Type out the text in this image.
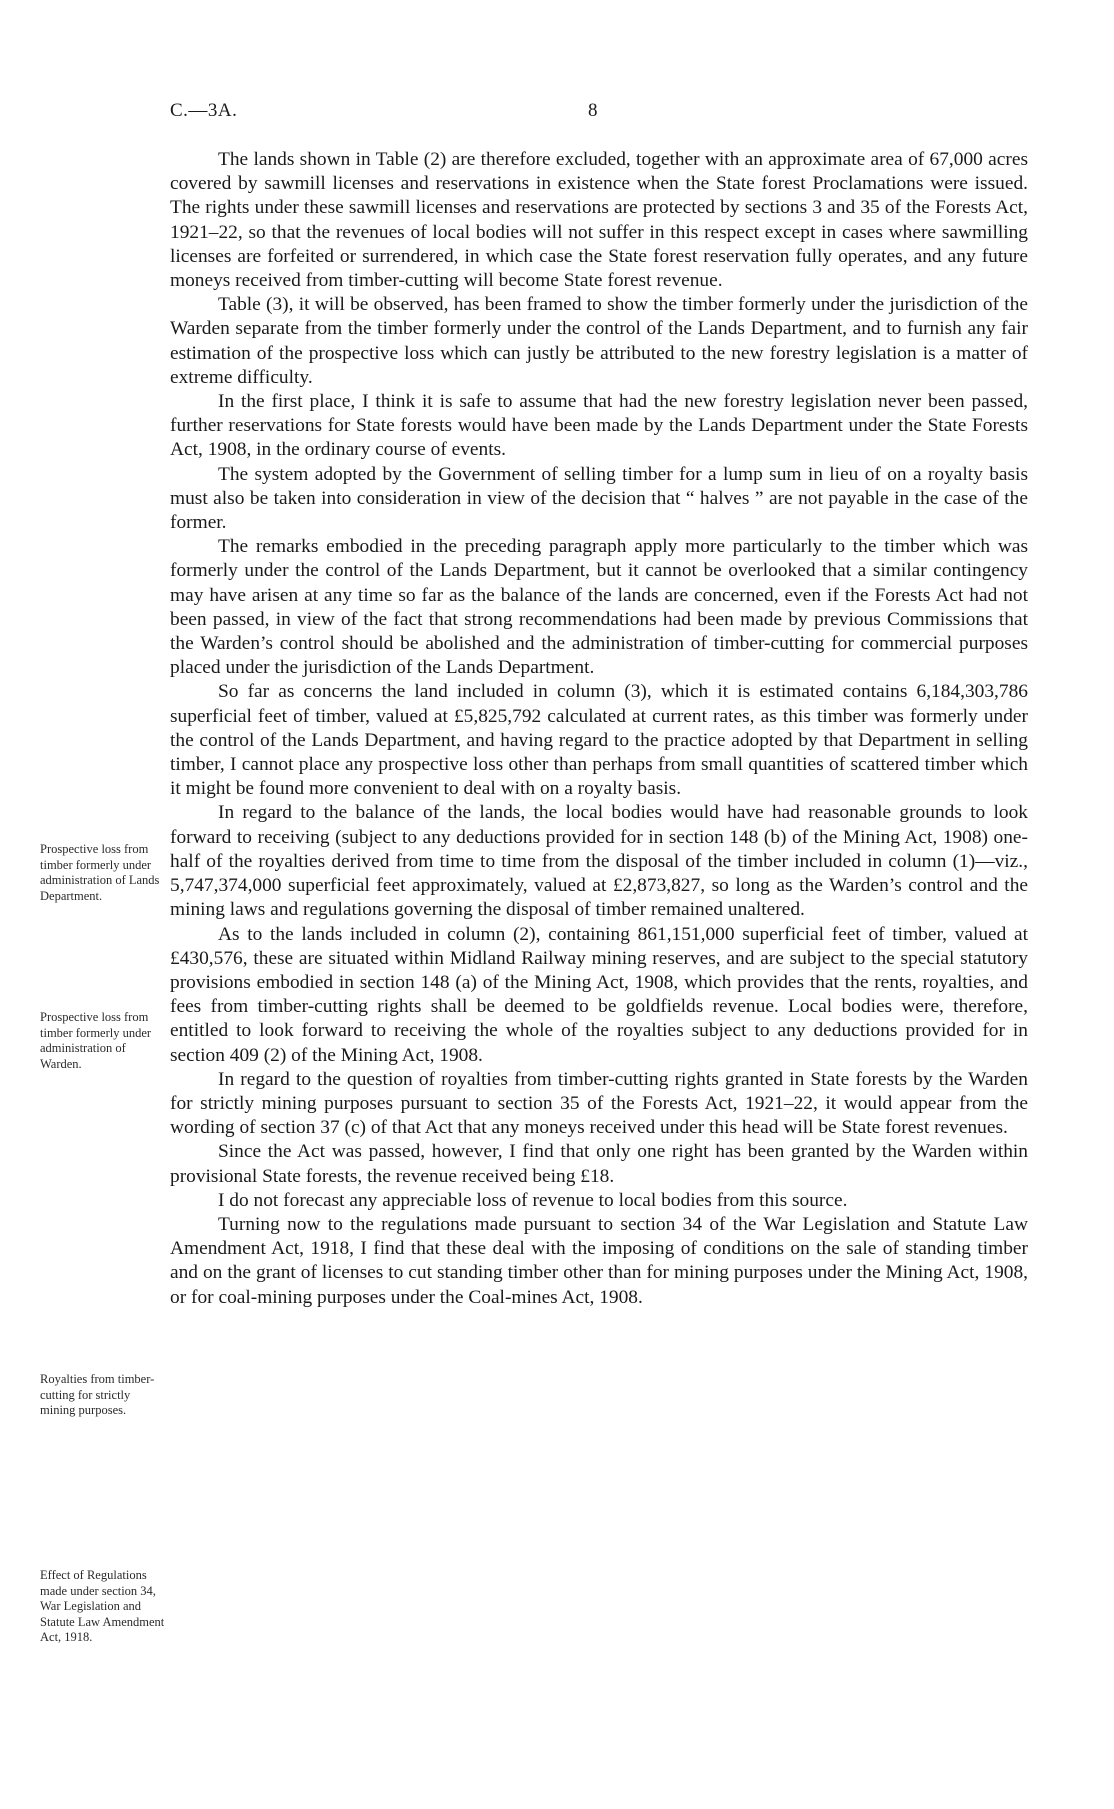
C.—3A.	8

The lands shown in Table (2) are therefore excluded, together with an approximate area of 67,000 acres covered by sawmill licenses and reservations in existence when the State forest Proclamations were issued. The rights under these sawmill licenses and reservations are protected by sections 3 and 35 of the Forests Act, 1921–22, so that the revenues of local bodies will not suffer in this respect except in cases where sawmilling licenses are forfeited or surrendered, in which case the State forest reservation fully operates, and any future moneys received from timber-cutting will become State forest revenue.

Table (3), it will be observed, has been framed to show the timber formerly under the jurisdiction of the Warden separate from the timber formerly under the control of the Lands Department, and to furnish any fair estimation of the prospective loss which can justly be attributed to the new forestry legislation is a matter of extreme difficulty.

In the first place, I think it is safe to assume that had the new forestry legislation never been passed, further reservations for State forests would have been made by the Lands Department under the State Forests Act, 1908, in the ordinary course of events.

The system adopted by the Government of selling timber for a lump sum in lieu of on a royalty basis must also be taken into consideration in view of the decision that “ halves ” are not payable in the case of the former.

The remarks embodied in the preceding paragraph apply more particularly to the timber which was formerly under the control of the Lands Department, but it cannot be overlooked that a similar contingency may have arisen at any time so far as the balance of the lands are concerned, even if the Forests Act had not been passed, in view of the fact that strong recommendations had been made by previous Commissions that the Warden’s control should be abolished and the administration of timber-cutting for commercial purposes placed under the jurisdiction of the Lands Department.

So far as concerns the land included in column (3), which it is estimated contains 6,184,303,786 superficial feet of timber, valued at £5,825,792 calculated at current rates, as this timber was formerly under the control of the Lands Department, and having regard to the practice adopted by that Department in selling timber, I cannot place any prospective loss other than perhaps from small quantities of scattered timber which it might be found more convenient to deal with on a royalty basis.

In regard to the balance of the lands, the local bodies would have had reasonable grounds to look forward to receiving (subject to any deductions provided for in section 148 (b) of the Mining Act, 1908) one-half of the royalties derived from time to time from the disposal of the timber included in column (1)—viz., 5,747,374,000 superficial feet approximately, valued at £2,873,827, so long as the Warden’s control and the mining laws and regulations governing the disposal of timber remained unaltered.

As to the lands included in column (2), containing 861,151,000 superficial feet of timber, valued at £430,576, these are situated within Midland Railway mining reserves, and are subject to the special statutory provisions embodied in section 148 (a) of the Mining Act, 1908, which provides that the rents, royalties, and fees from timber-cutting rights shall be deemed to be goldfields revenue. Local bodies were, therefore, entitled to look forward to receiving the whole of the royalties subject to any deductions provided for in section 409 (2) of the Mining Act, 1908.

In regard to the question of royalties from timber-cutting rights granted in State forests by the Warden for strictly mining purposes pursuant to section 35 of the Forests Act, 1921–22, it would appear from the wording of section 37 (c) of that Act that any moneys received under this head will be State forest revenues.

Since the Act was passed, however, I find that only one right has been granted by the Warden within provisional State forests, the revenue received being £18.

I do not forecast any appreciable loss of revenue to local bodies from this source.

Turning now to the regulations made pursuant to section 34 of the War Legislation and Statute Law Amendment Act, 1918, I find that these deal with the imposing of conditions on the sale of standing timber and on the grant of licenses to cut standing timber other than for mining purposes under the Mining Act, 1908, or for coal-mining purposes under the Coal-mines Act, 1908.

Prospective loss from timber formerly under administration of Lands Department.
Prospective loss from timber formerly under administration of Warden.
Royalties from timber-cutting for strictly mining purposes.
Effect of Regulations made under section 34, War Legislation and Statute Law Amendment Act, 1918.
